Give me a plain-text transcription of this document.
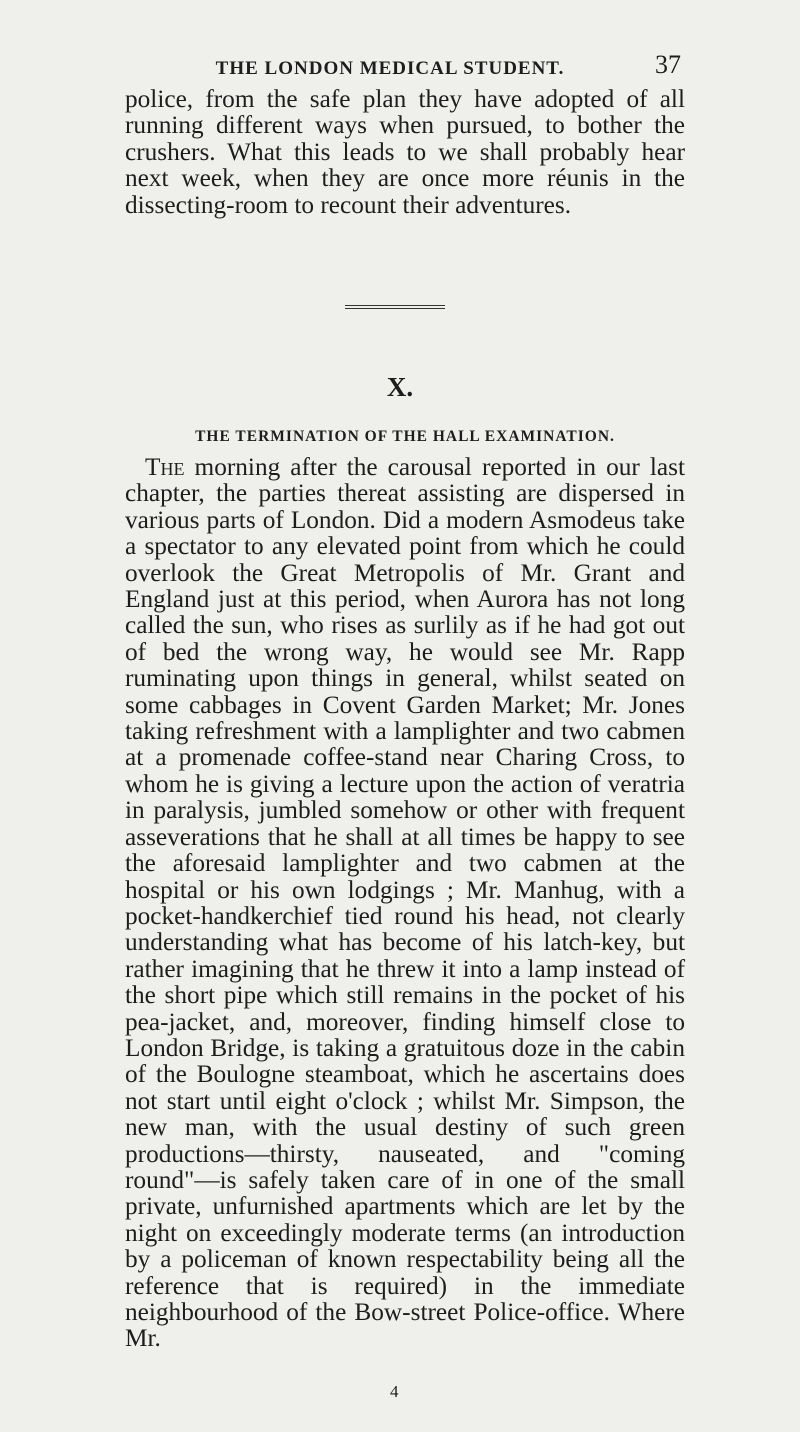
THE LONDON MEDICAL STUDENT.	37

police, from the safe plan they have adopted of all running different ways when pursued, to bother the crushers. What this leads to we shall probably hear next week, when they are once more réunis in the dissecting-room to recount their adventures.

X.
THE TERMINATION OF THE HALL EXAMINATION.

The morning after the carousal reported in our last chapter, the parties thereat assisting are dispersed in various parts of London. Did a modern Asmodeus take a spectator to any elevated point from which he could overlook the Great Metropolis of Mr. Grant and England just at this period, when Aurora has not long called the sun, who rises as surlily as if he had got out of bed the wrong way, he would see Mr. Rapp ruminating upon things in general, whilst seated on some cabbages in Covent Garden Market; Mr. Jones taking refreshment with a lamplighter and two cabmen at a promenade coffee-stand near Charing Cross, to whom he is giving a lecture upon the action of veratria in paralysis, jumbled somehow or other with frequent asseverations that he shall at all times be happy to see the aforesaid lamplighter and two cabmen at the hospital or his own lodgings ; Mr. Manhug, with a pocket-handkerchief tied round his head, not clearly understanding what has become of his latch-key, but rather imagining that he threw it into a lamp instead of the short pipe which still remains in the pocket of his pea-jacket, and, moreover, finding himself close to London Bridge, is taking a gratuitous doze in the cabin of the Boulogne steamboat, which he ascertains does not start until eight o'clock ; whilst Mr. Simpson, the new man, with the usual destiny of such green productions—thirsty, nauseated, and "coming round"—is safely taken care of in one of the small private, unfurnished apartments which are let by the night on exceedingly moderate terms (an introduction by a policeman of known respectability being all the reference that is required) in the immediate neighbourhood of the Bow-street Police-office. Where Mr.

4
